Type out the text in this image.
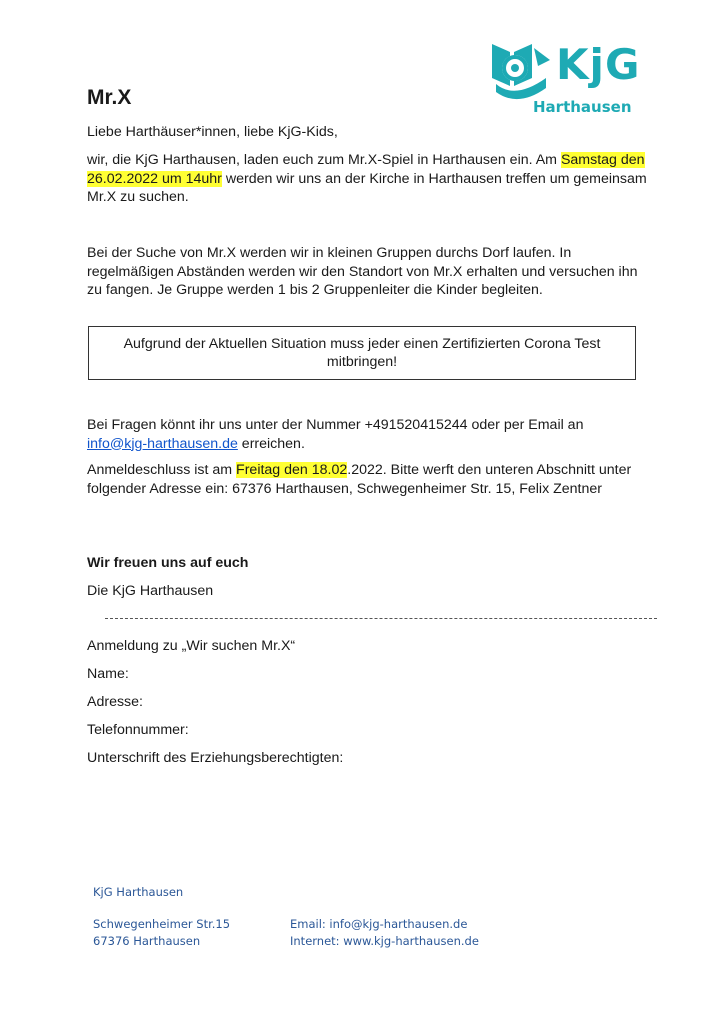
KjG
Harthausen
Mr.X

Liebe Harthäuser*innen, liebe KjG-Kids,

wir, die KjG Harthausen, laden euch zum Mr.X-Spiel in Harthausen ein. Am Samstag den 26.02.2022 um 14uhr werden wir uns an der Kirche in Harthausen treffen um gemeinsam Mr.X zu suchen.

Bei der Suche von Mr.X werden wir in kleinen Gruppen durchs Dorf laufen. In regelmäßigen Abständen werden wir den Standort von Mr.X erhalten und versuchen ihn zu fangen. Je Gruppe werden 1 bis 2 Gruppenleiter die Kinder begleiten.

Aufgrund der Aktuellen Situation muss jeder einen Zertifizierten Corona Test mitbringen!

Bei Fragen könnt ihr uns unter der Nummer +491520415244 oder per Email an info@kjg-harthausen.de erreichen.

Anmeldeschluss ist am Freitag den 18.02.2022. Bitte werft den unteren Abschnitt unter folgender Adresse ein: 67376 Harthausen, Schwegenheimer Str. 15, Felix Zentner

Wir freuen uns auf euch

Die KjG Harthausen

Anmeldung zu „Wir suchen Mr.X“

Name:

Adresse:

Telefonnummer:

Unterschrift des Erziehungsberechtigten:

KjG Harthausen

Schwegenheimer Str.15

67376 Harthausen

Email: info@kjg-harthausen.de

Internet: www.kjg-harthausen.de
